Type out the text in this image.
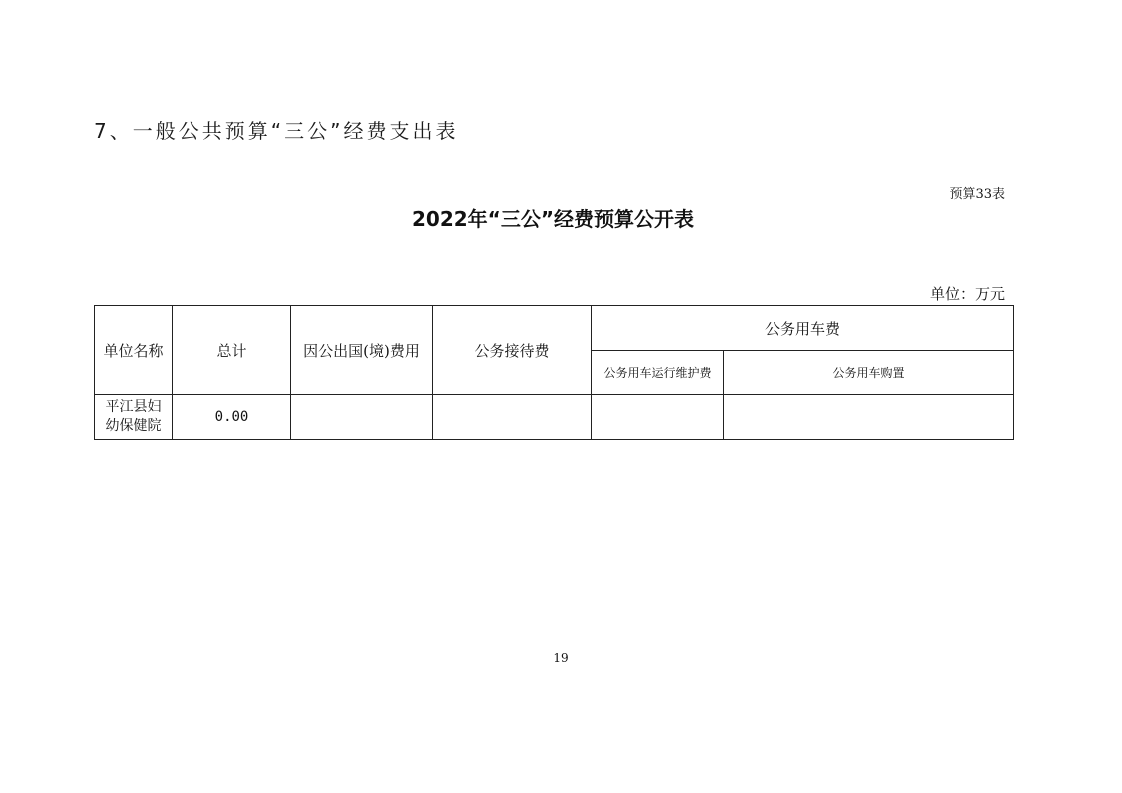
7、一般公共预算“三公”经费支出表
预算33表
2022年“三公”经费预算公开表
单位：万元
单位名称	总计	因公出国(境)费用	公务接待费	公务用车费	
				公务用车运行维护费	公务用车购置
平江县妇幼保健院	0.00				
19
